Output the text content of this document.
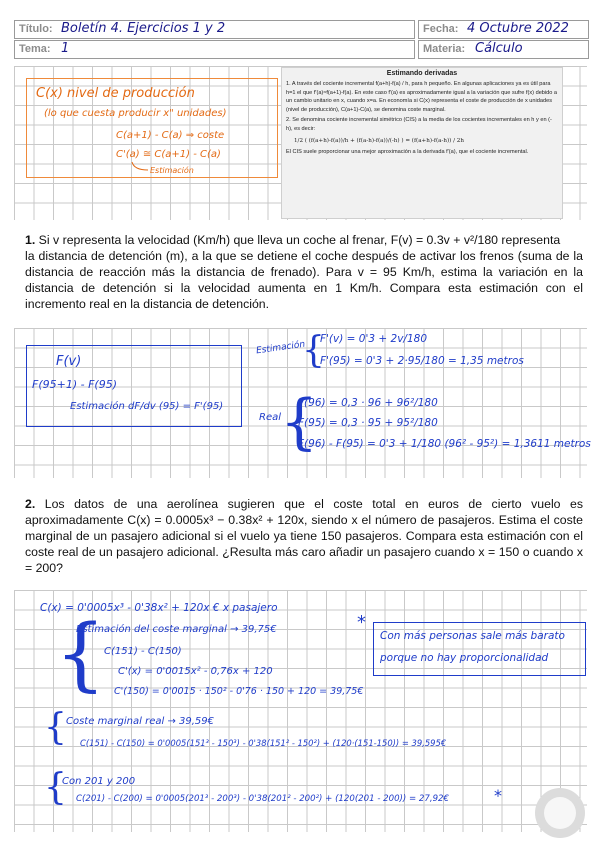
Título: Boletín 4. Ejercicios 1 y 2	Fecha: 4 Octubre 2022
Tema: 1	Materia: Cálculo
C(x) nivel de producción
(lo que cuesta producir x" unidades)
C(a+1) - C(a) ⇒ coste
C'(a) ≅ C(a+1) - C(a)
Estimación
Estimando derivadas
1. A través del cociente incremental f(a+h)-f(a) / h, para h pequeño. En algunas aplicaciones ya es útil para h=1 el que f'(a)≈f(a+1)-f(a). En este caso f'(a) es aproximadamente igual a la variación que sufre f(x) debido a un cambio unitario en x, cuando x=a. En economía si C(x) representa el coste de producción de x unidades (nivel de producción), C(a+1)-C(a), se denomina coste marginal.
2. Se denomina cociente incremental simétrico (CIS) a la media de los cocientes incrementales en h y en (-h), es decir:
1/2 ( (f(a+h)-f(a))/h + (f(a-h)-f(a))/(-h) ) = (f(a+h)-f(a-h)) / 2h
El CIS suele proporcionar una mejor aproximación a la derivada f'(a), que el cociente incremental.
1. Si v representa la velocidad (Km/h) que lleva un coche al frenar, F(v) = 0.3v + v²/180 representa
la distancia de detención (m), a la que se detiene el coche después de activar los frenos (suma de la distancia de reacción más la distancia de frenado). Para v = 95 Km/h, estima la variación en la distancia de detención si la velocidad aumenta en 1 Km/h. Compara esta estimación con el incremento real en la distancia de detención.
F(v)
F(95+1) - F(95)
Estimación dF/dv (95) = F'(95)
Estimación
{
F'(v) = 0'3 + 2v/180
F'(95) = 0'3 + 2·95/180 = 1,35 metros
Real
{
F(96) = 0,3 · 96 + 96²/180
F(95) = 0,3 · 95 + 95²/180
F(96) - F(95) = 0'3 + 1/180 (96² - 95²) = 1,3611 metros
2. Los datos de una aerolínea sugieren que el coste total en euros de cierto vuelo es aproximadamente C(x) = 0.0005x³ − 0.38x² + 120x, siendo x el número de pasajeros. Estima el coste marginal de un pasajero adicional si el vuelo ya tiene 150 pasajeros. Compara esta estimación con el coste real de un pasajero adicional. ¿Resulta más caro añadir un pasajero cuando x = 150 o cuando x = 200?
C(x) = 0'0005x³ - 0'38x² + 120x € x pasajero
{
Estimación del coste marginal → 39,75€
C(151) - C(150)
C'(x) = 0'0015x² - 0,76x + 120
C'(150) = 0'0015 · 150² - 0'76 · 150 + 120 = 39,75€
*
Con más personas sale más barato
porque no hay proporcionalidad
{ Coste marginal real → 39,59€
C(151) - C(150) = 0'0005(151³ - 150³) - 0'38(151² - 150²) + (120·(151-150)) = 39,595€
{
Con 201 y 200
C(201) - C(200) = 0'0005(201³ - 200³) - 0'38(201² - 200²) + (120(201 - 200)) = 27,92€	*
